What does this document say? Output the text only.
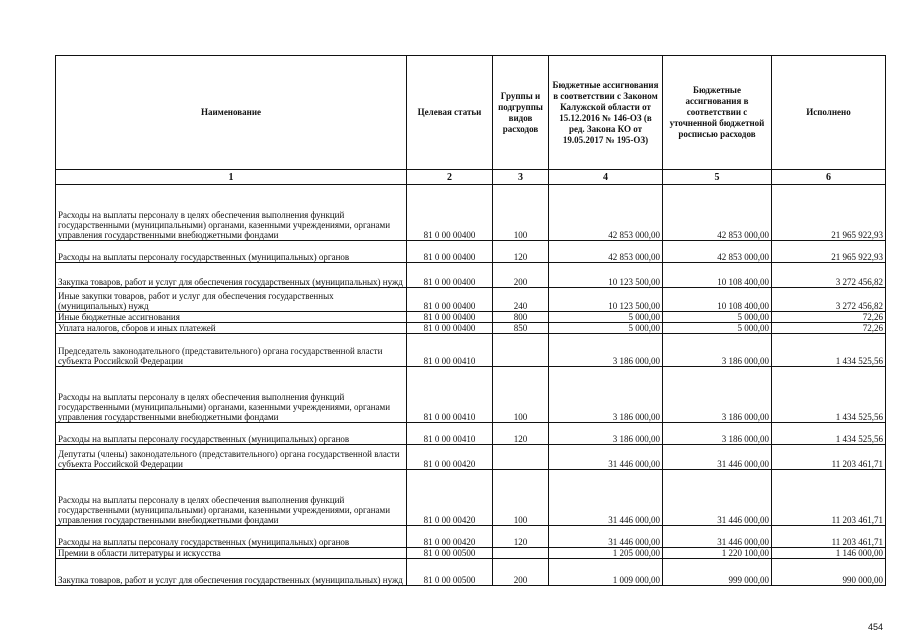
Наименование	Целевая статьи	Группы и подгруппы видов расходов	Бюджетные ассигнования в соответствии с Законом Калужской области от 15.12.2016 № 146-ОЗ (в ред. Закона КО от 19.05.2017 № 195-ОЗ)	Бюджетные ассигнования в соответствии с уточненной бюджетной росписью расходов	Исполнено
1	2	3	4	5	6
Расходы на выплаты персоналу в целях обеспечения выполнения функций государственными (муниципальными) органами, казенными учреждениями, органами управления государственными внебюджетными фондами	81 0 00 00400	100	42 853 000,00	42 853 000,00	21 965 922,93
Расходы на выплаты персоналу государственных (муниципальных) органов	81 0 00 00400	120	42 853 000,00	42 853 000,00	21 965 922,93
Закупка товаров, работ и услуг для обеспечения государственных (муниципальных) нужд	81 0 00 00400	200	10 123 500,00	10 108 400,00	3 272 456,82
Иные закупки товаров, работ и услуг для обеспечения государственных (муниципальных) нужд	81 0 00 00400	240	10 123 500,00	10 108 400,00	3 272 456,82
Иные бюджетные ассигнования	81 0 00 00400	800	5 000,00	5 000,00	72,26
Уплата налогов, сборов и иных платежей	81 0 00 00400	850	5 000,00	5 000,00	72,26
Председатель законодательного (представительного) органа государственной власти субъекта Российской Федерации	81 0 00 00410		3 186 000,00	3 186 000,00	1 434 525,56
Расходы на выплаты персоналу в целях обеспечения выполнения функций государственными (муниципальными) органами, казенными учреждениями, органами управления государственными внебюджетными фондами	81 0 00 00410	100	3 186 000,00	3 186 000,00	1 434 525,56
Расходы на выплаты персоналу государственных (муниципальных) органов	81 0 00 00410	120	3 186 000,00	3 186 000,00	1 434 525,56
Депутаты (члены) законодательного (представительного) органа государственной власти субъекта Российской Федерации	81 0 00 00420		31 446 000,00	31 446 000,00	11 203 461,71
Расходы на выплаты персоналу в целях обеспечения выполнения функций государственными (муниципальными) органами, казенными учреждениями, органами управления государственными внебюджетными фондами	81 0 00 00420	100	31 446 000,00	31 446 000,00	11 203 461,71
Расходы на выплаты персоналу государственных (муниципальных) органов	81 0 00 00420	120	31 446 000,00	31 446 000,00	11 203 461,71
Премии в области литературы и искусства	81 0 00 00500		1 205 000,00	1 220 100,00	1 146 000,00
Закупка товаров, работ и услуг для обеспечения государственных (муниципальных) нужд	81 0 00 00500	200	1 009 000,00	999 000,00	990 000,00
454
